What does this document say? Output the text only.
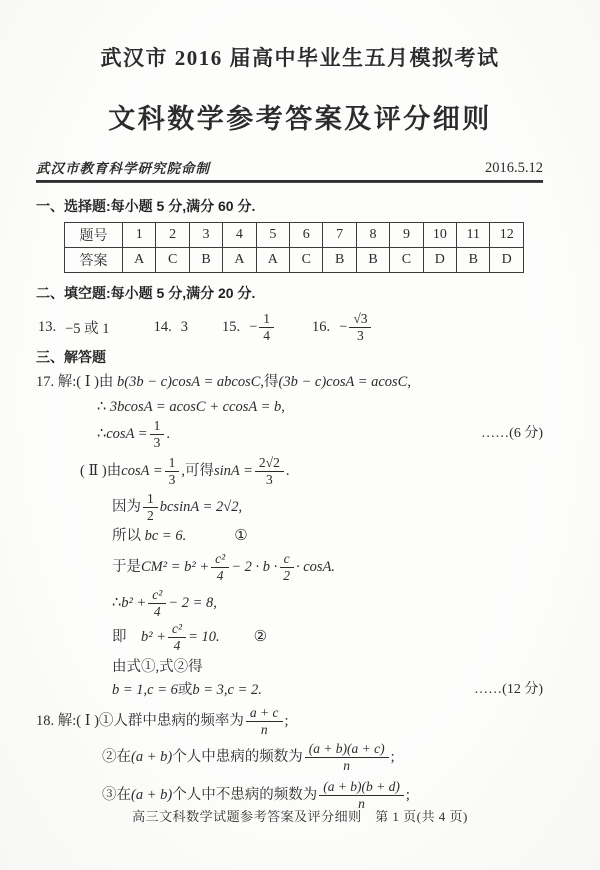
武汉市 2016 届高中毕业生五月模拟考试
文科数学参考答案及评分细则
武汉市教育科学研究院命制	2016.5.12
一、选择题:每小题 5 分,满分 60 分.
题号	1	2	3	4	5	6	7	8	9	10	11	12
答案	A	C	B	A	A	C	B	B	C	D	B	D
二、填空题:每小题 5 分,满分 20 分.
13. −5 或 1	14. 3 15. − $\frac{1}{4}$	16. − $\frac{√3}{3}$
三、解答题
17. 解:( Ⅰ )由 b(3b − c)cosA = abcosC,得(3b − c)cosA = acosC,
∴ 3bcosA = acosC + ccosA = b,
∴ $\cos A = \frac{1}{3}$ .	……(6 分)
( Ⅱ )由 $\cos A = \frac{1}{3}$ ,可得 $\sin A = \frac{2√2}{3}$ .
因为 $\frac{1}{2}$ bcsinA = 2√2 ,
所以 bc = 6.	①
于是 $CM^2 = b^2 + \frac{\text{c²}}{4} - 2 \cdot b \cdot \frac{c}{2} \cdot \cos A$.
∴ $b^2 + \frac{\text{c²}}{4} - 2 = 8$ ,
即　 $b^2 + \frac{\text{c²}}{4} = 10$. ②
由式①,式②得
b = 1,c = 6 或 b = 3,c = 2.	……(12 分)
18. 解:( Ⅰ )①人群中患病的频率为 $\frac{a + c}{n}$ ;
②在 (a + b) 个人中患病的频数为 $\frac{(a + b)(a + c)}{n}$ ;
③在 (a + b) 个人中不患病的频数为 $\frac{(a + b)(b + d)}{n}$ ;
高三文科数学试题参考答案及评分细则　第 1 页(共 4 页)
